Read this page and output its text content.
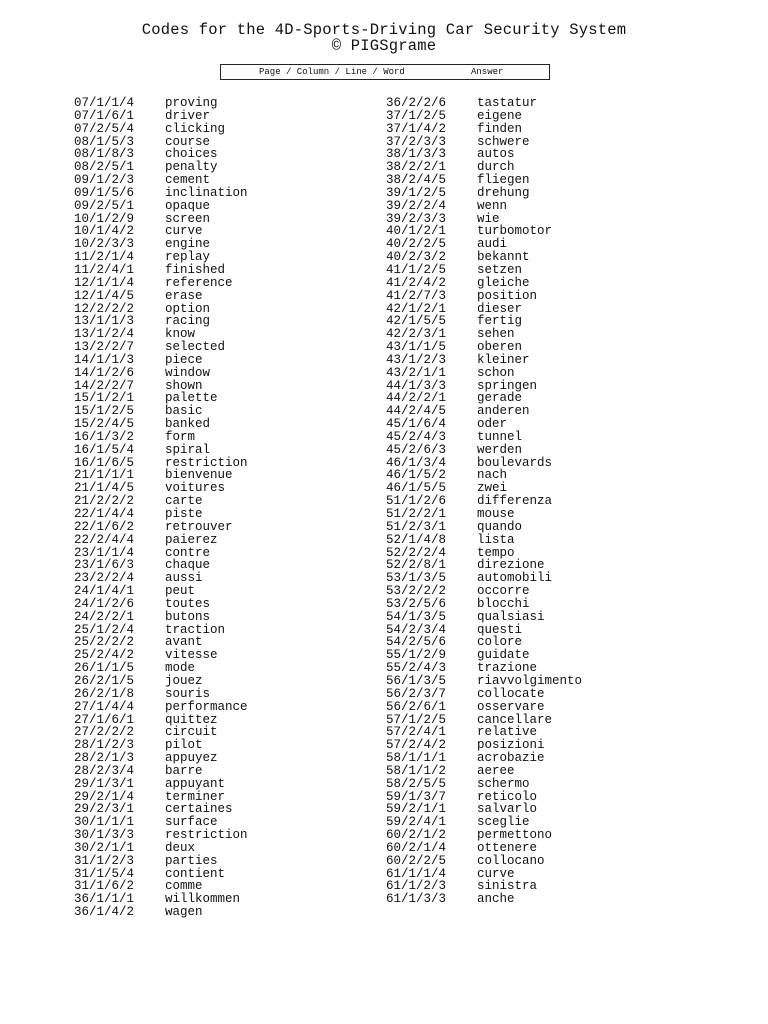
Codes for the 4D-Sports-Driving Car Security System
© PIGSgrame
Page / Column / Line / Word	Answer
07/1/1/4 proving
07/1/6/1 driver
07/2/5/4 clicking
08/1/5/3 course
08/1/8/3 choices
08/2/5/1 penalty
09/1/2/3 cement
09/1/5/6 inclination
09/2/5/1 opaque
10/1/2/9 screen
10/1/4/2 curve
10/2/3/3 engine
11/2/1/4 replay
11/2/4/1 finished
12/1/1/4 reference
12/1/4/5 erase
12/2/2/2 option
13/1/1/3 racing
13/1/2/4 know
13/2/2/7 selected
14/1/1/3 piece
14/1/2/6 window
14/2/2/7 shown
15/1/2/1 palette
15/1/2/5 basic
15/2/4/5 banked
16/1/3/2 form
16/1/5/4 spiral
16/1/6/5 restriction
21/1/1/1 bienvenue
21/1/4/5 voitures
21/2/2/2 carte
22/1/4/4 piste
22/1/6/2 retrouver
22/2/4/4 paierez
23/1/1/4 contre
23/1/6/3 chaque
23/2/2/4 aussi
24/1/4/1 peut
24/1/2/6 toutes
24/2/2/1 butons
25/1/2/4 traction
25/2/2/2 avant
25/2/4/2 vitesse
26/1/1/5 mode
26/2/1/5 jouez
26/2/1/8 souris
27/1/4/4 performance
27/1/6/1 quittez
27/2/2/2 circuit
28/1/2/3 pilot
28/2/1/3 appuyez
28/2/3/4 barre
29/1/3/1 appuyant
29/2/1/4 terminer
29/2/3/1 certaines
30/1/1/1 surface
30/1/3/3 restriction
30/2/1/1 deux
31/1/2/3 parties
31/1/5/4 contient
31/1/6/2 comme
36/1/1/1 willkommen
36/1/4/2 wagen
36/2/2/6 tastatur
37/1/2/5 eigene
37/1/4/2 finden
37/2/3/3 schwere
38/1/3/3 autos
38/2/2/1 durch
38/2/4/5 fliegen
39/1/2/5 drehung
39/2/2/4 wenn
39/2/3/3 wie
40/1/2/1 turbomotor
40/2/2/5 audi
40/2/3/2 bekannt
41/1/2/5 setzen
41/2/4/2 gleiche
41/2/7/3 position
42/1/2/1 dieser
42/1/5/5 fertig
42/2/3/1 sehen
43/1/1/5 oberen
43/1/2/3 kleiner
43/2/1/1 schon
44/1/3/3 springen
44/2/2/1 gerade
44/2/4/5 anderen
45/1/6/4 oder
45/2/4/3 tunnel
45/2/6/3 werden
46/1/3/4 boulevards
46/1/5/2 nach
46/1/5/5 zwei
51/1/2/6 differenza
51/2/2/1 mouse
51/2/3/1 quando
52/1/4/8 lista
52/2/2/4 tempo
52/2/8/1 direzione
53/1/3/5 automobili
53/2/2/2 occorre
53/2/5/6 blocchi
54/1/3/5 qualsiasi
54/2/3/4 questi
54/2/5/6 colore
55/1/2/9 guidate
55/2/4/3 trazione
56/1/3/5 riavvolgimento
56/2/3/7 collocate
56/2/6/1 osservare
57/1/2/5 cancellare
57/2/4/1 relative
57/2/4/2 posizioni
58/1/1/1 acrobazie
58/1/1/2 aeree
58/2/5/5 schermo
59/1/3/7 reticolo
59/2/1/1 salvarlo
59/2/4/1 sceglie
60/2/1/2 permettono
60/2/1/4 ottenere
60/2/2/5 collocano
61/1/1/4 curve
61/1/2/3 sinistra
61/1/3/3 anche
